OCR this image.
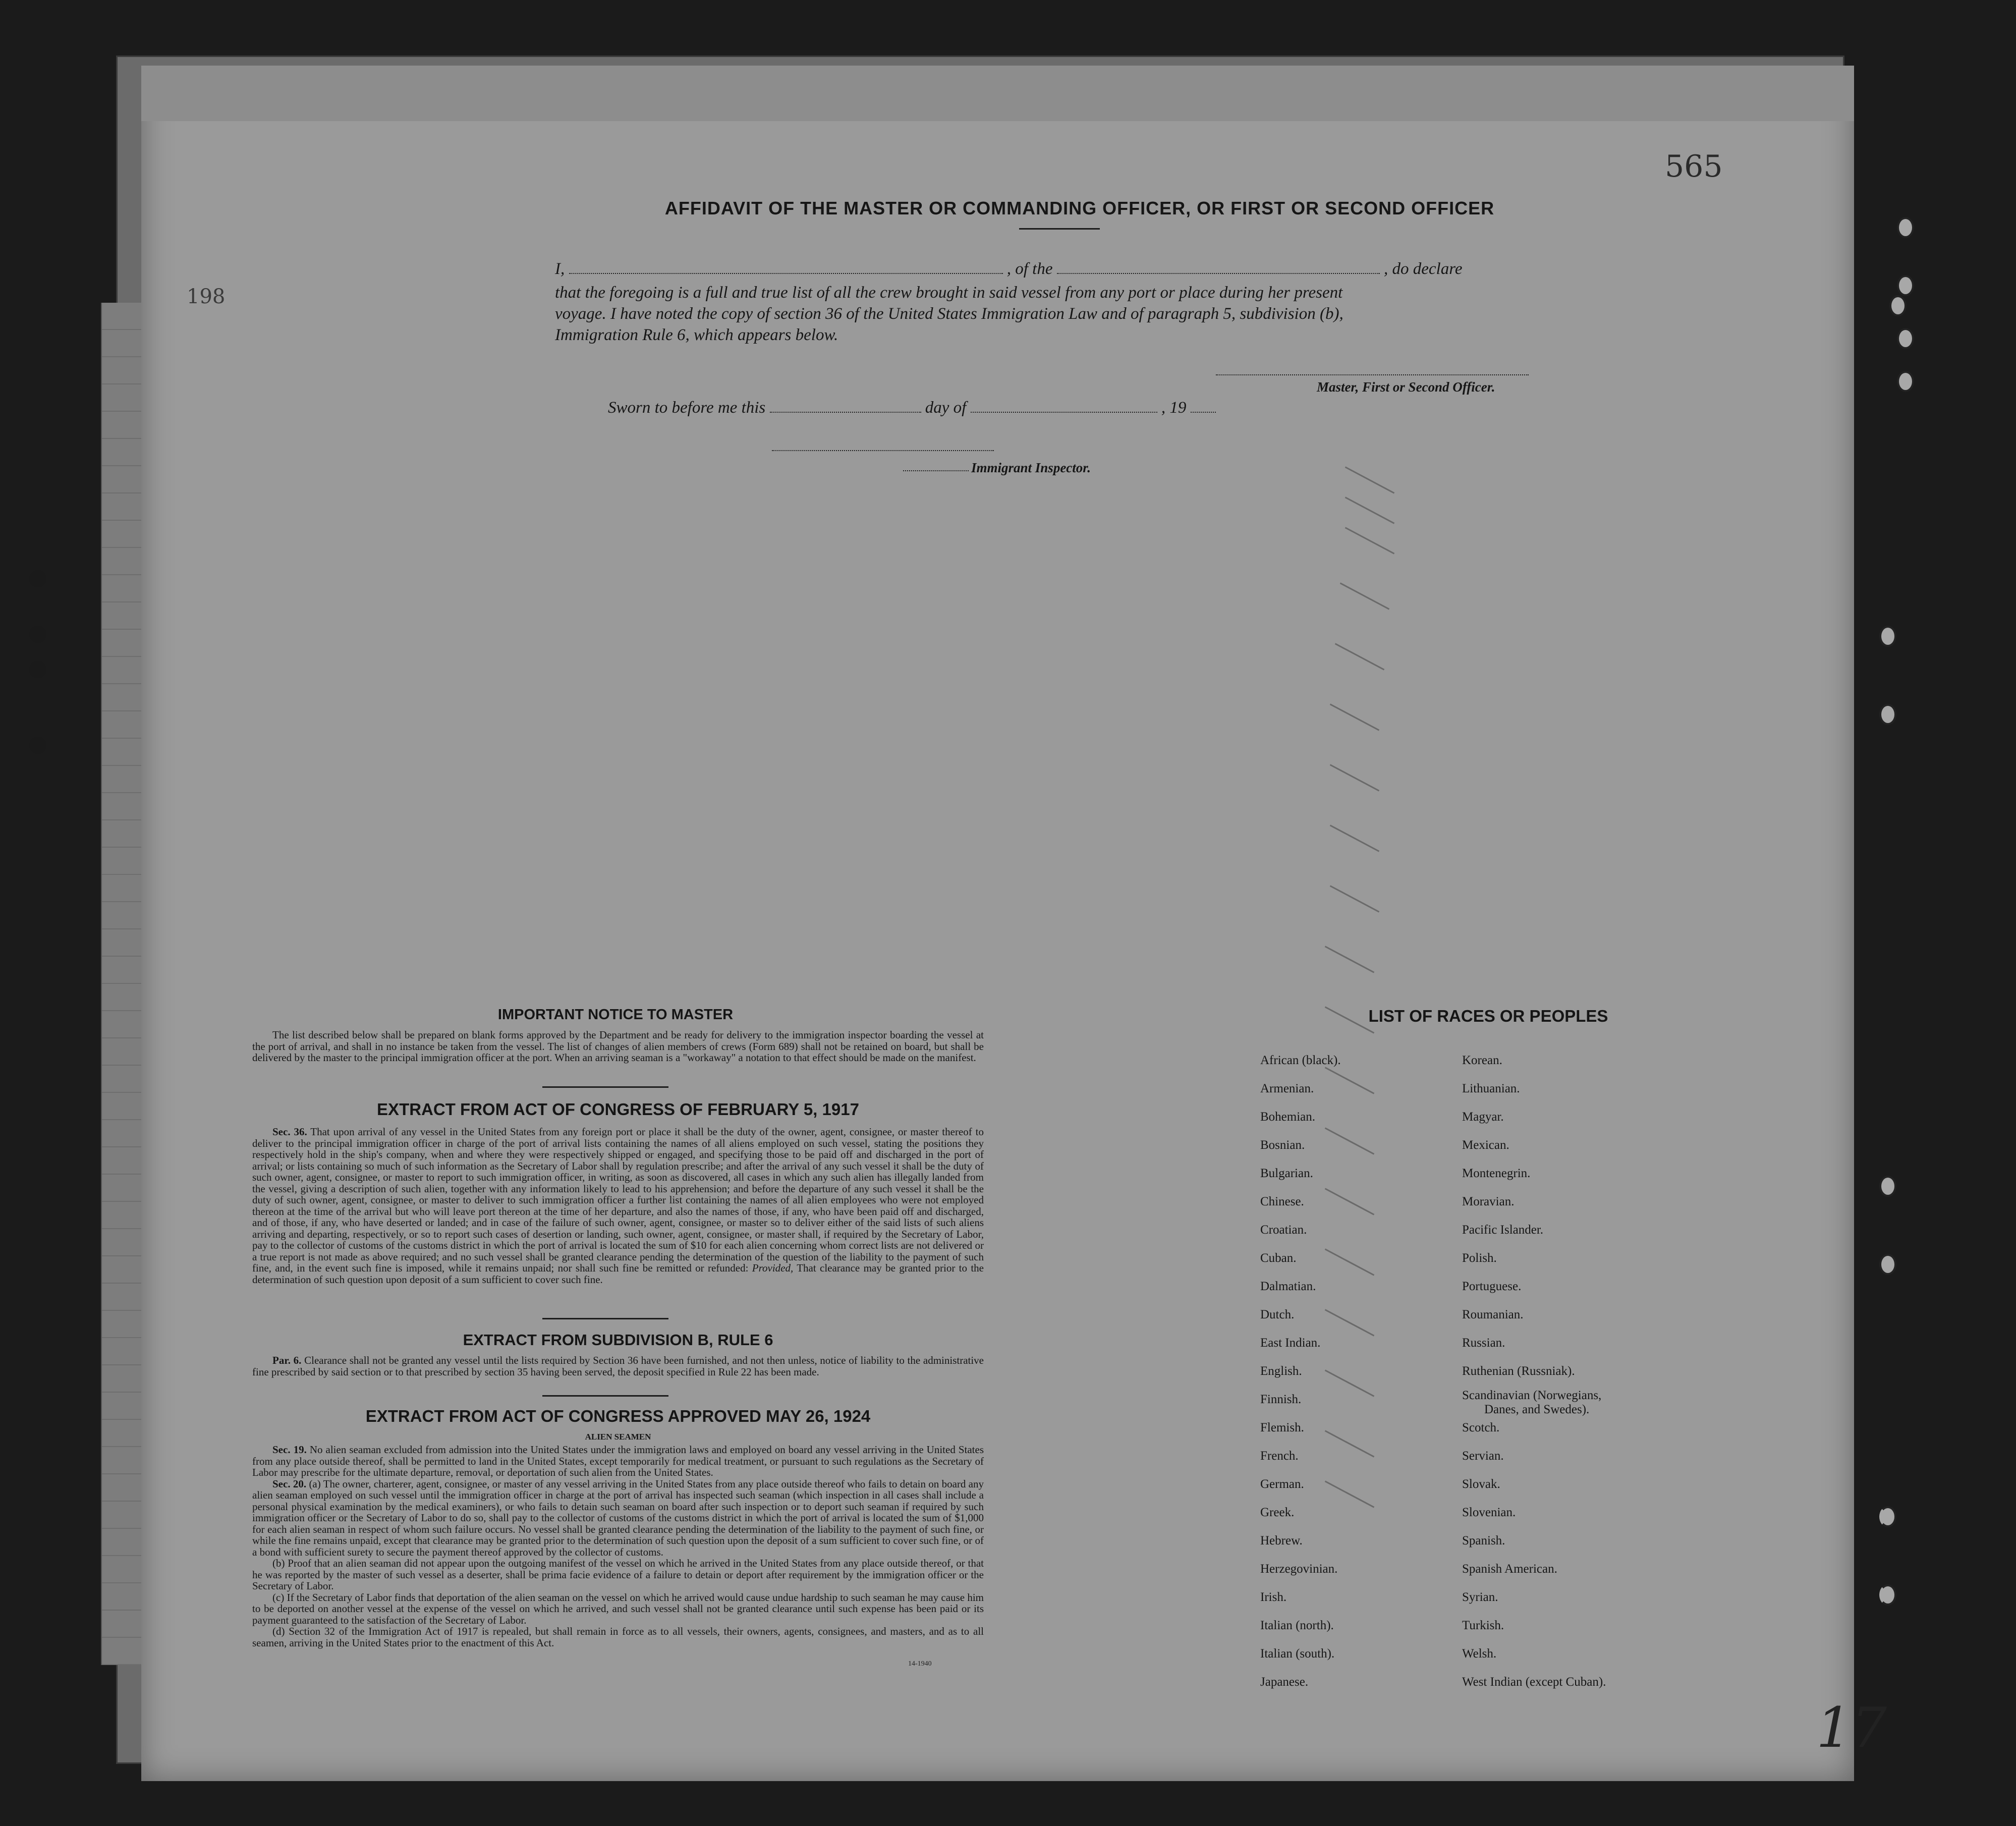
565
198
17
AFFIDAVIT OF THE MASTER OR COMMANDING OFFICER, OR FIRST OR SECOND OFFICER
I,	, of the	, do declare
that the foregoing is a full and true list of all the crew brought in said vessel from any port or place during her present
voyage. I have noted the copy of section 36 of the United States Immigration Law and of paragraph 5, subdivision (b),
Immigration Rule 6, which appears below.
Master, First or Second Officer.
Sworn to before me this	day of	, 19
Immigrant Inspector.
IMPORTANT NOTICE TO MASTER
The list described below shall be prepared on blank forms approved by the Department and be ready for delivery to the immigration inspector boarding the vessel at the port of arrival, and shall in no instance be taken from the vessel. The list of changes of alien members of crews (Form 689) shall not be retained on board, but shall be delivered by the master to the principal immigration officer at the port. When an arriving seaman is a "workaway" a notation to that effect should be made on the manifest.
EXTRACT FROM ACT OF CONGRESS OF FEBRUARY 5, 1917
Sec. 36. That upon arrival of any vessel in the United States from any foreign port or place it shall be the duty of the owner, agent, consignee, or master thereof to deliver to the principal immigration officer in charge of the port of arrival lists containing the names of all aliens employed on such vessel, stating the positions they respectively hold in the ship's company, when and where they were respectively shipped or engaged, and specifying those to be paid off and discharged in the port of arrival; or lists containing so much of such information as the Secretary of Labor shall by regulation prescribe; and after the arrival of any such vessel it shall be the duty of such owner, agent, consignee, or master to report to such immigration officer, in writing, as soon as discovered, all cases in which any such alien has illegally landed from the vessel, giving a description of such alien, together with any information likely to lead to his apprehension; and before the departure of any such vessel it shall be the duty of such owner, agent, consignee, or master to deliver to such immigration officer a further list containing the names of all alien employees who were not employed thereon at the time of the arrival but who will leave port thereon at the time of her departure, and also the names of those, if any, who have been paid off and discharged, and of those, if any, who have deserted or landed; and in case of the failure of such owner, agent, consignee, or master so to deliver either of the said lists of such aliens arriving and departing, respectively, or so to report such cases of desertion or landing, such owner, agent, consignee, or master shall, if required by the Secretary of Labor, pay to the collector of customs of the customs district in which the port of arrival is located the sum of $10 for each alien concerning whom correct lists are not delivered or a true report is not made as above required; and no such vessel shall be granted clearance pending the determination of the question of the liability to the payment of such fine, and, in the event such fine is imposed, while it remains unpaid; nor shall such fine be remitted or refunded: Provided, That clearance may be granted prior to the determination of such question upon deposit of a sum sufficient to cover such fine.
EXTRACT FROM SUBDIVISION B, RULE 6
Par. 6. Clearance shall not be granted any vessel until the lists required by Section 36 have been furnished, and not then unless, notice of liability to the administrative fine prescribed by said section or to that prescribed by section 35 having been served, the deposit specified in Rule 22 has been made.
EXTRACT FROM ACT OF CONGRESS APPROVED MAY 26, 1924
ALIEN SEAMEN
Sec. 19. No alien seaman excluded from admission into the United States under the immigration laws and employed on board any vessel arriving in the United States from any place outside thereof, shall be permitted to land in the United States, except temporarily for medical treatment, or pursuant to such regulations as the Secretary of Labor may prescribe for the ultimate departure, removal, or deportation of such alien from the United States.
Sec. 20. (a) The owner, charterer, agent, consignee, or master of any vessel arriving in the United States from any place outside thereof who fails to detain on board any alien seaman employed on such vessel until the immigration officer in charge at the port of arrival has inspected such seaman (which inspection in all cases shall include a personal physical examination by the medical examiners), or who fails to detain such seaman on board after such inspection or to deport such seaman if required by such immigration officer or the Secretary of Labor to do so, shall pay to the collector of customs of the customs district in which the port of arrival is located the sum of $1,000 for each alien seaman in respect of whom such failure occurs. No vessel shall be granted clearance pending the determination of the liability to the payment of such fine, or while the fine remains unpaid, except that clearance may be granted prior to the determination of such question upon the deposit of a sum sufficient to cover such fine, or of a bond with sufficient surety to secure the payment thereof approved by the collector of customs.
(b) Proof that an alien seaman did not appear upon the outgoing manifest of the vessel on which he arrived in the United States from any place outside thereof, or that he was reported by the master of such vessel as a deserter, shall be prima facie evidence of a failure to detain or deport after requirement by the immigration officer or the Secretary of Labor.
(c) If the Secretary of Labor finds that deportation of the alien seaman on the vessel on which he arrived would cause undue hardship to such seaman he may cause him to be deported on another vessel at the expense of the vessel on which he arrived, and such vessel shall not be granted clearance until such expense has been paid or its payment guaranteed to the satisfaction of the Secretary of Labor.
(d) Section 32 of the Immigration Act of 1917 is repealed, but shall remain in force as to all vessels, their owners, agents, consignees, and masters, and as to all seamen, arriving in the United States prior to the enactment of this Act.
14-1940
LIST OF RACES OR PEOPLES
African (black).
Armenian.
Bohemian.
Bosnian.
Bulgarian.
Chinese.
Croatian.
Cuban.
Dalmatian.
Dutch.
East Indian.
English.
Finnish.
Flemish.
French.
German.
Greek.
Hebrew.
Herzegovinian.
Irish.
Italian (north).
Italian (south).
Japanese.
Korean.
Lithuanian.
Magyar.
Mexican.
Montenegrin.
Moravian.
Pacific Islander.
Polish.
Portuguese.
Roumanian.
Russian.
Ruthenian (Russniak).
Scandinavian (Norwegians,
Danes, and Swedes).
Scotch.
Servian.
Slovak.
Slovenian.
Spanish.
Spanish American.
Syrian.
Turkish.
Welsh.
West Indian (except Cuban).
